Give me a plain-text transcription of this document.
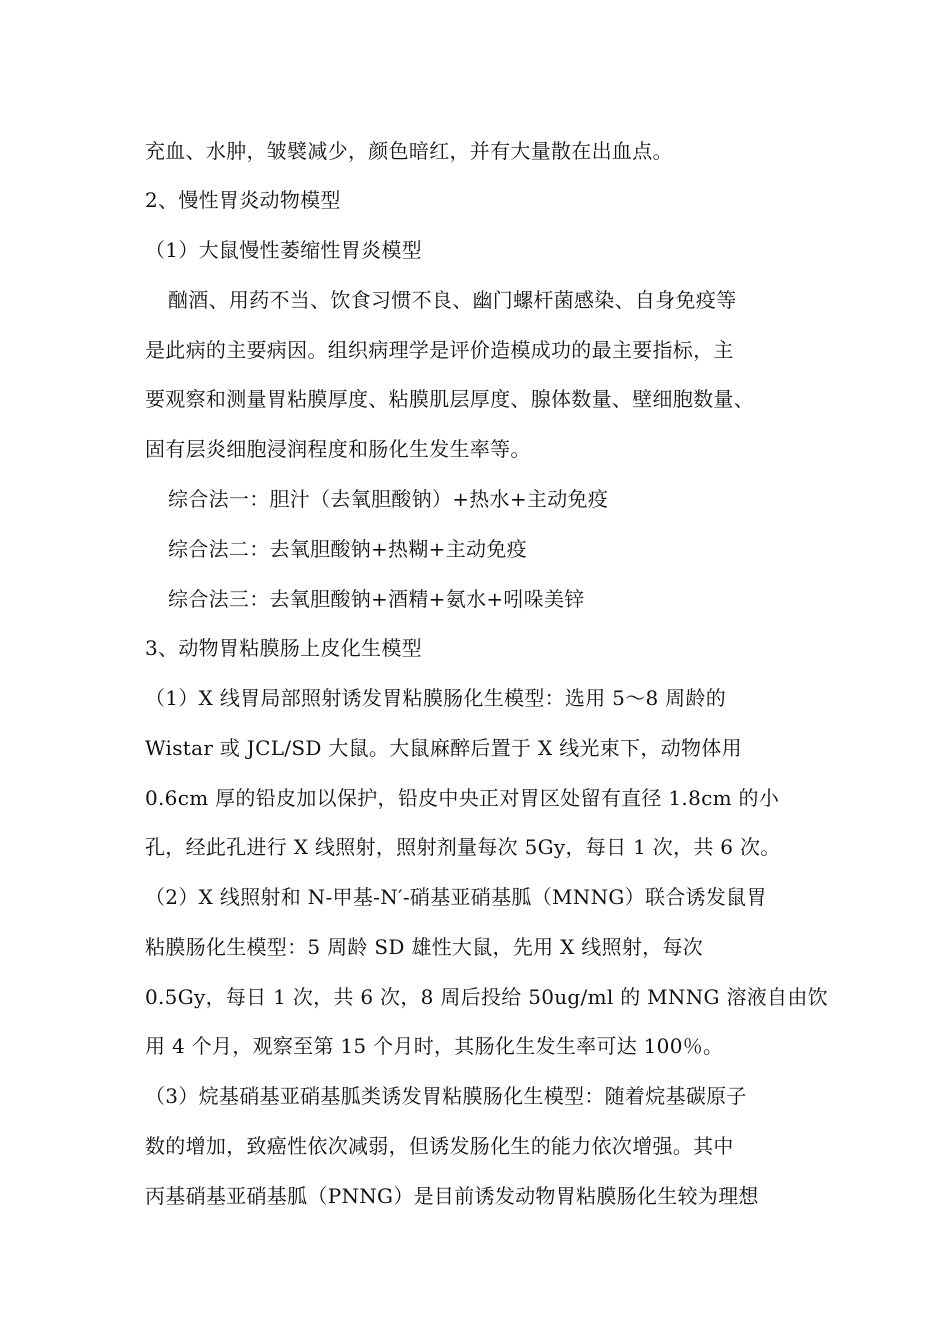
充血、水肿，皱襞减少，颜色暗红，并有大量散在出血点。
2、慢性胃炎动物模型
（1）大鼠慢性萎缩性胃炎模型
酗酒、用药不当、饮食习惯不良、幽门螺杆菌感染、自身免疫等
是此病的主要病因。组织病理学是评价造模成功的最主要指标，主
要观察和测量胃粘膜厚度、粘膜肌层厚度、腺体数量、壁细胞数量、
固有层炎细胞浸润程度和肠化生发生率等。
综合法一：胆汁（去氧胆酸钠）+热水+主动免疫
综合法二：去氧胆酸钠+热糊+主动免疫
综合法三：去氧胆酸钠+酒精+氨水+吲哚美锌
3、动物胃粘膜肠上皮化生模型
（1）X 线胃局部照射诱发胃粘膜肠化生模型：选用 5～8 周龄的
Wistar 或 JCL/SD 大鼠。大鼠麻醉后置于 X 线光束下，动物体用
0.6cm 厚的铅皮加以保护，铅皮中央正对胃区处留有直径 1.8cm 的小
孔，经此孔进行 X 线照射，照射剂量每次 5Gy，每日 1 次，共 6 次。
（2）X 线照射和 N-甲基-N′-硝基亚硝基胍（MNNG）联合诱发鼠胃
粘膜肠化生模型：5 周龄 SD 雄性大鼠，先用 X 线照射，每次
0.5Gy，每日 1 次，共 6 次，8 周后投给 50ug/ml 的 MNNG 溶液自由饮
用 4 个月，观察至第 15 个月时，其肠化生发生率可达 100％。
（3）烷基硝基亚硝基胍类诱发胃粘膜肠化生模型：随着烷基碳原子
数的增加，致癌性依次减弱，但诱发肠化生的能力依次增强。其中
丙基硝基亚硝基胍（PNNG）是目前诱发动物胃粘膜肠化生较为理想
